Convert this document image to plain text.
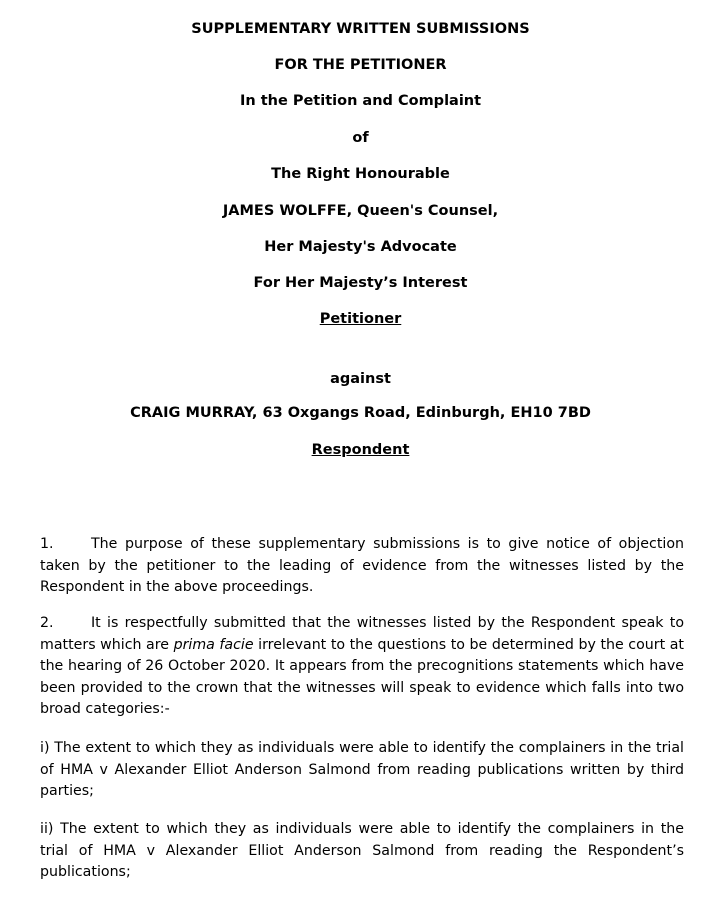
SUPPLEMENTARY WRITTEN SUBMISSIONS
FOR THE PETITIONER
In the Petition and Complaint
of
The Right Honourable
JAMES WOLFFE, Queen's Counsel,
Her Majesty's Advocate
For Her Majesty’s Interest
Petitioner
against
CRAIG MURRAY, 63 Oxgangs Road, Edinburgh, EH10 7BD
Respondent
1.	The purpose of these supplementary submissions is to give notice of objection taken by the petitioner to the leading of evidence from the witnesses listed by the Respondent in the above proceedings.
2.	It is respectfully submitted that the witnesses listed by the Respondent speak to matters which are prima facie irrelevant to the questions to be determined by the court at the hearing of 26 October 2020. It appears from the precognitions statements which have been provided to the crown that the witnesses will speak to evidence which falls into two broad categories:-
i) The extent to which they as individuals were able to identify the complainers in the trial of HMA v Alexander Elliot Anderson Salmond from reading publications written by third parties;
ii) The extent to which they as individuals were able to identify the complainers in the trial of HMA v Alexander Elliot Anderson Salmond from reading the Respondent’s publications;
